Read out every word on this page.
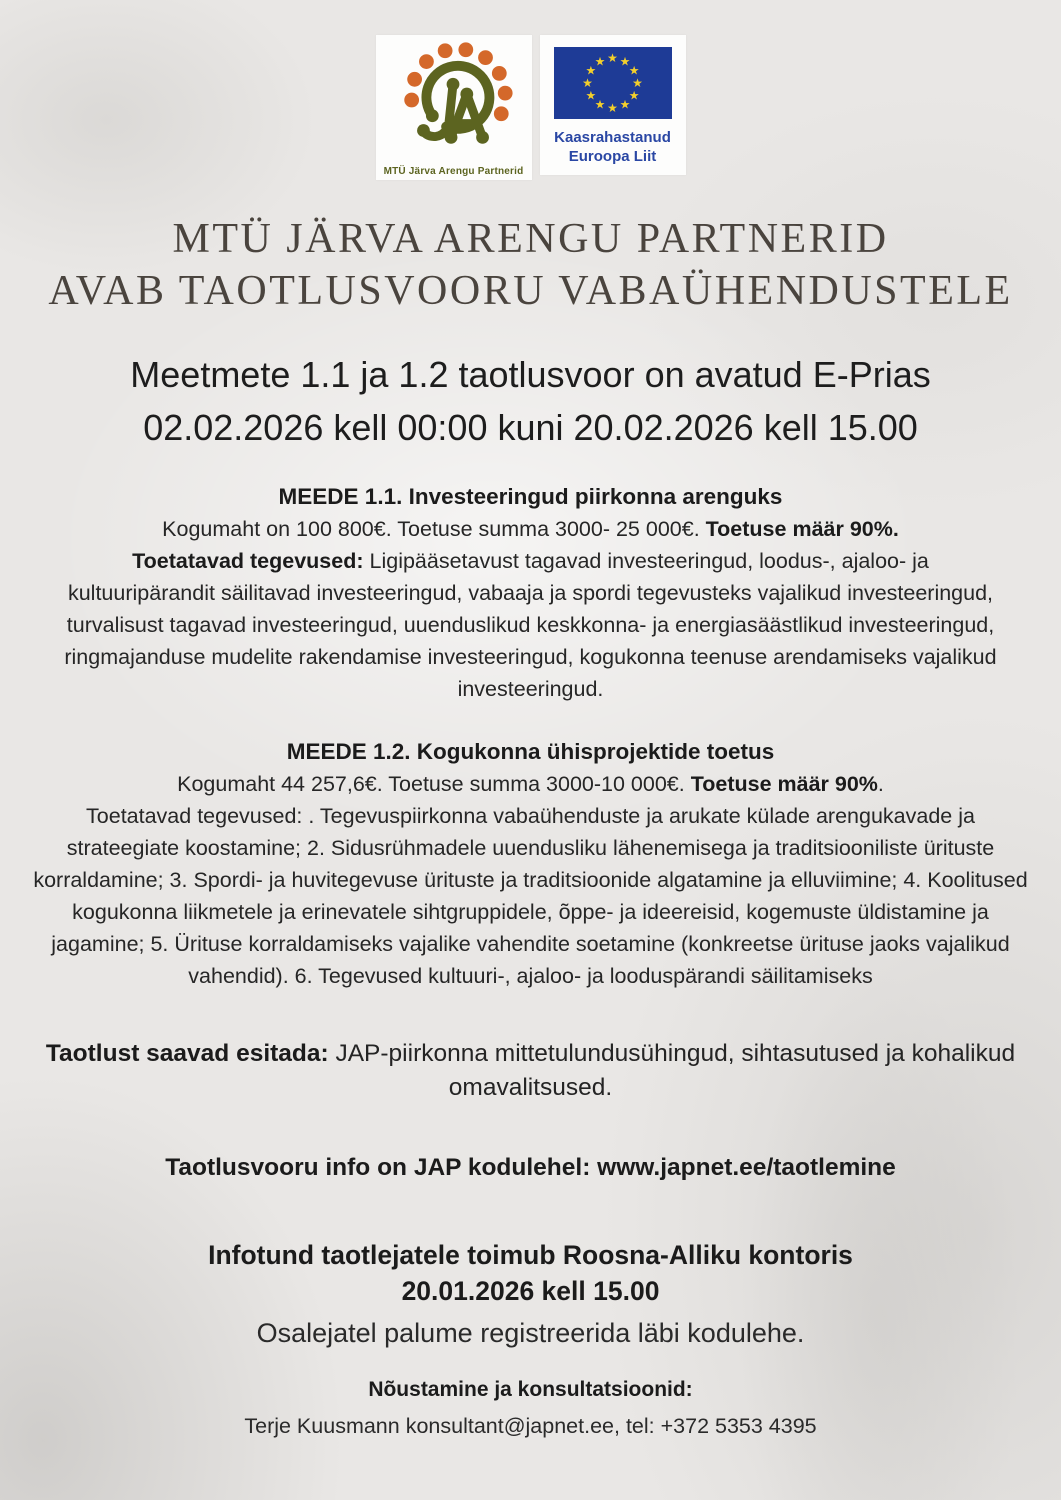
MTÜ Järva Arengu Partnerid
★ ★
★
★
★
★
★
★
★
★
★
★
Kaasrahastanud
Euroopa Liit
MTÜ JÄRVA ARENGU PARTNERID
AVAB TAOTLUSVOORU VABAÜHENDUSTELE
Meetmete 1.1 ja 1.2 taotlusvoor on avatud E-Prias
02.02.2026 kell 00:00 kuni 20.02.2026 kell 15.00
MEEDE 1.1. Investeeringud piirkonna arenguks
Kogumaht on 100 800€. Toetuse summa 3000- 25 000€. Toetuse määr 90%.
Toetatavad tegevused: Ligipääsetavust tagavad investeeringud, loodus-, ajaloo- ja kultuuripärandit säilitavad investeeringud, vabaaja ja spordi tegevusteks vajalikud investeeringud, turvalisust tagavad investeeringud, uuenduslikud keskkonna- ja energiasäästlikud investeeringud, ringmajanduse mudelite rakendamise investeeringud, kogukonna teenuse arendamiseks vajalikud investeeringud.
MEEDE 1.2. Kogukonna ühisprojektide toetus
Kogumaht 44 257,6€. Toetuse summa 3000-10 000€. Toetuse määr 90%.
Toetatavad tegevused: . Tegevuspiirkonna vabaühenduste ja arukate külade arengukavade ja strateegiate koostamine; 2. Sidusrühmadele uuendusliku lähenemisega ja traditsiooniliste ürituste korraldamine; 3. Spordi- ja huvitegevuse ürituste ja traditsioonide algatamine ja elluviimine; 4. Koolitused kogukonna liikmetele ja erinevatele sihtgruppidele, õppe- ja ideereisid, kogemuste üldistamine ja jagamine; 5. Ürituse korraldamiseks vajalike vahendite soetamine (konkreetse ürituse jaoks vajalikud vahendid). 6. Tegevused kultuuri-, ajaloo- ja looduspärandi säilitamiseks
Taotlust saavad esitada: JAP-piirkonna mittetulundusühingud, sihtasutused ja kohalikud omavalitsused.
Taotlusvooru info on JAP kodulehel: www.japnet.ee/taotlemine
Infotund taotlejatele toimub Roosna-Alliku kontoris
20.01.2026 kell 15.00
Osalejatel palume registreerida läbi kodulehe.
Nõustamine ja konsultatsioonid:
Terje Kuusmann konsultant@japnet.ee, tel: +372 5353 4395
